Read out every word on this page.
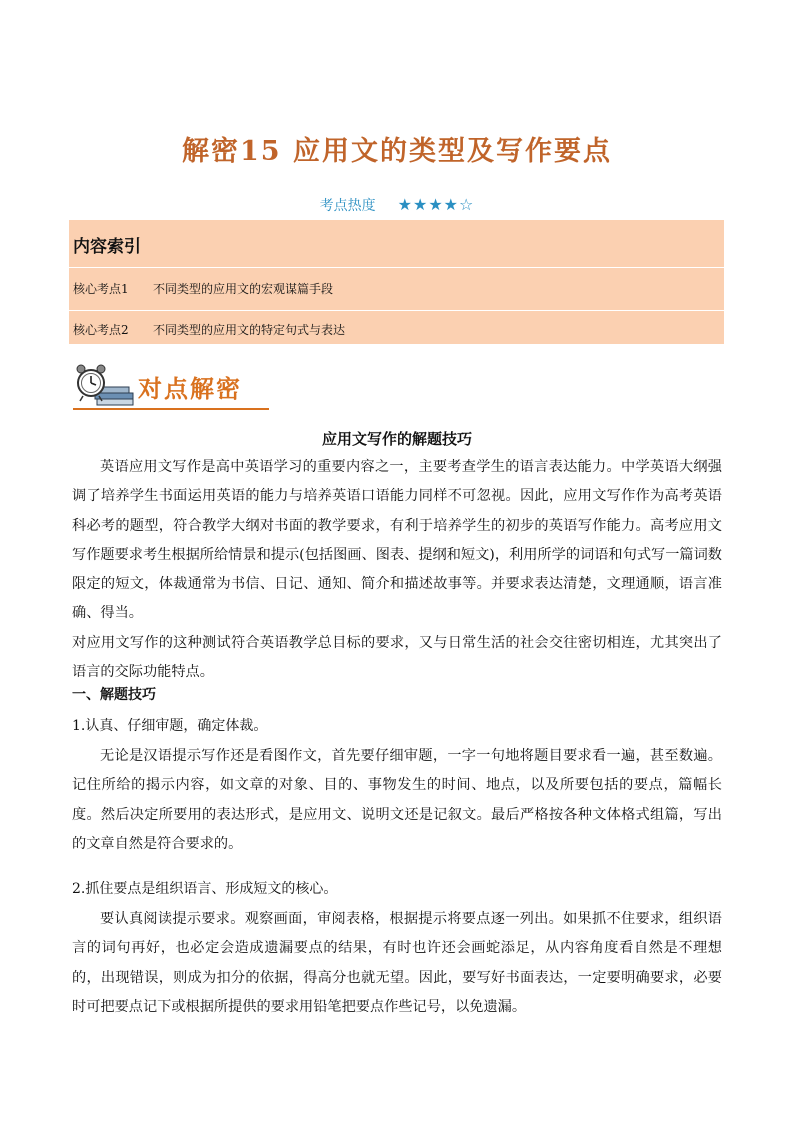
解密15 应用文的类型及写作要点
考点热度 ★★★★☆
内容索引
核心考点1 不同类型的应用文的宏观谋篇手段
核心考点2 不同类型的应用文的特定句式与表达
对点解密
应用文写作的解题技巧
英语应用文写作是高中英语学习的重要内容之一，主要考查学生的语言表达能力。中学英语大纲强调了培养学生书面运用英语的能力与培养英语口语能力同样不可忽视。因此，应用文写作作为高考英语科必考的题型，符合教学大纲对书面的教学要求，有利于培养学生的初步的英语写作能力。高考应用文写作题要求考生根据所给情景和提示(包括图画、图表、提纲和短文)，利用所学的词语和句式写一篇词数限定的短文，体裁通常为书信、日记、通知、简介和描述故事等。并要求表达清楚，文理通顺，语言准确、得当。
对应用文写作的这种测试符合英语教学总目标的要求，又与日常生活的社会交往密切相连，尤其突出了语言的交际功能特点。
一、解题技巧
1.认真、仔细审题，确定体裁。
无论是汉语提示写作还是看图作文，首先要仔细审题，一字一句地将题目要求看一遍，甚至数遍。记住所给的揭示内容，如文章的对象、目的、事物发生的时间、地点，以及所要包括的要点，篇幅长度。然后决定所要用的表达形式，是应用文、说明文还是记叙文。最后严格按各种文体格式组篇，写出的文章自然是符合要求的。
2.抓住要点是组织语言、形成短文的核心。
要认真阅读提示要求。观察画面，审阅表格，根据提示将要点逐一列出。如果抓不住要求，组织语言的词句再好，也必定会造成遗漏要点的结果，有时也许还会画蛇添足，从内容角度看自然是不理想的，出现错误，则成为扣分的依据，得高分也就无望。因此，要写好书面表达，一定要明确要求，必要时可把要点记下或根据所提供的要求用铅笔把要点作些记号，以免遗漏。
